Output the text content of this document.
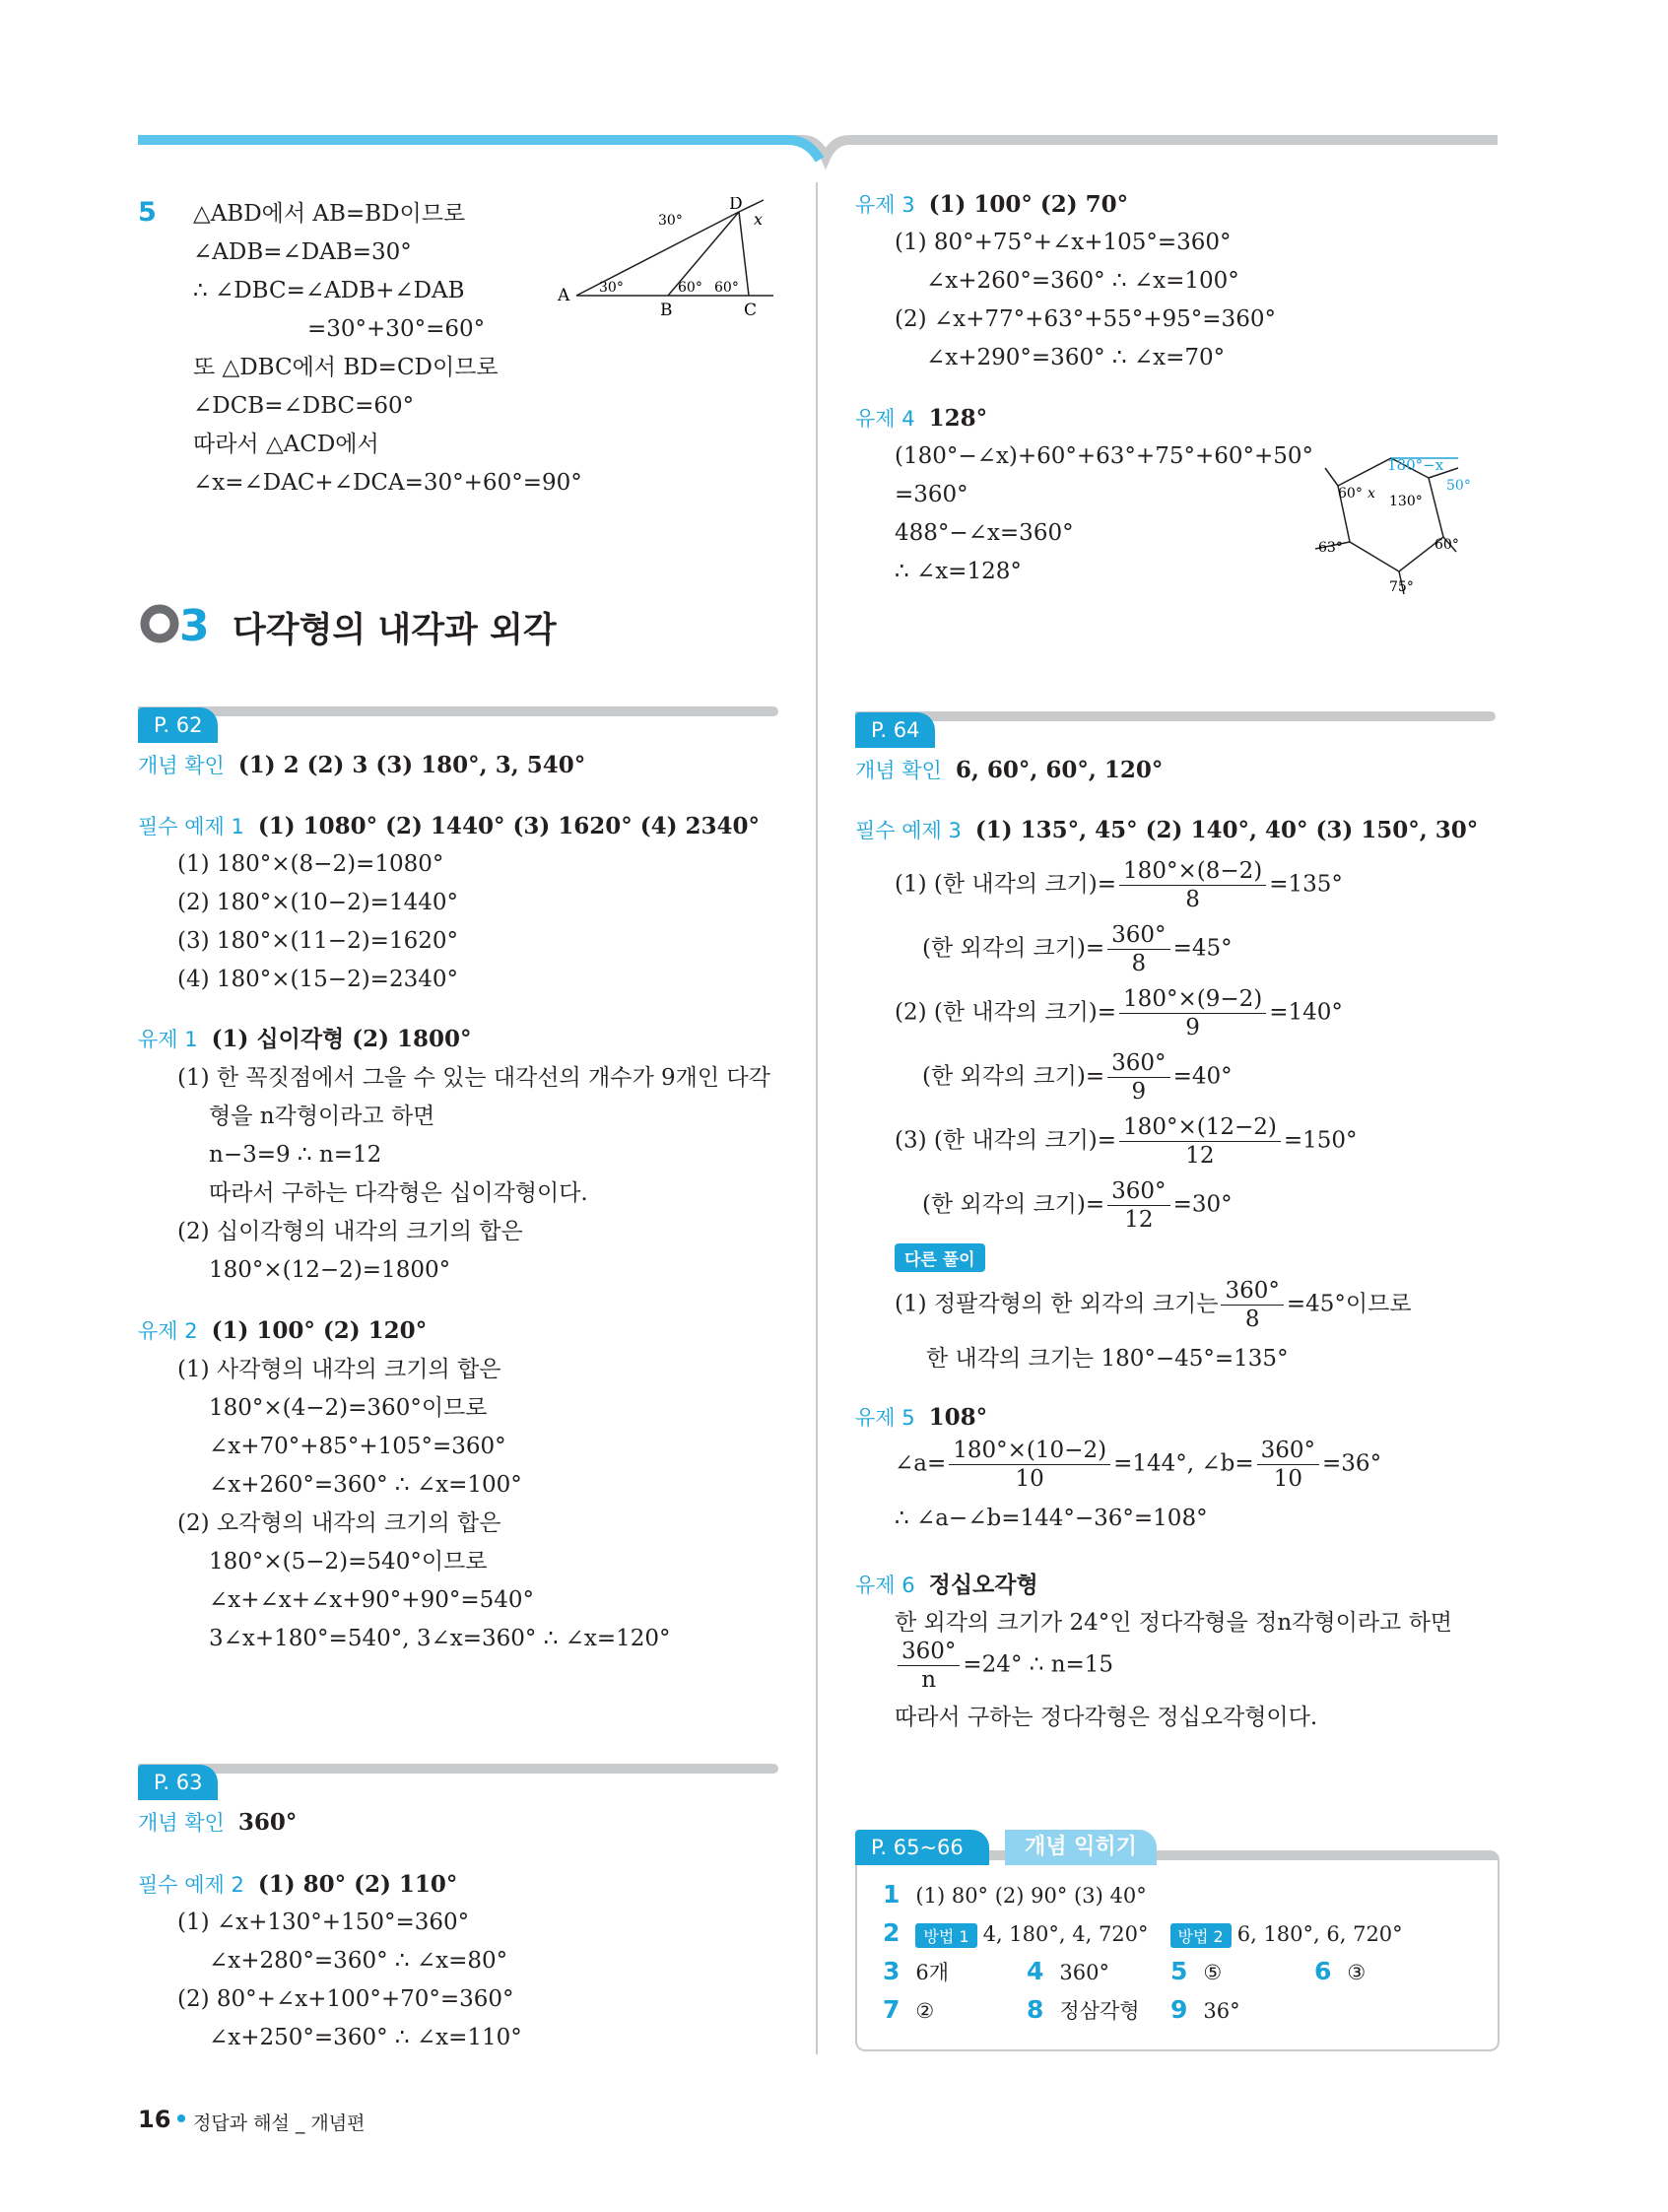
5 △ABD에서 AB=BD이므로
∠ADB=∠DAB=30°
∴ ∠DBC=∠ADB+∠DAB
=30°+30°=60°
또 △DBC에서 BD=CD이므로
∠DCB=∠DBC=60°
따라서 △ACD에서
∠x=∠DAC+∠DCA=30°+60°=90°
A
B	C
D
x
30°
30°	60° 60°
3 다각형의 내각과 외각
P. 62
개념 확인 (1) 2 (2) 3 (3) 180°, 3, 540°
필수 예제 1 (1) 1080° (2) 1440° (3) 1620° (4) 2340°
(1) 180°×(8−2)=1080°
(2) 180°×(10−2)=1440°
(3) 180°×(11−2)=1620°
(4) 180°×(15−2)=2340°
유제 1 (1) 십이각형 (2) 1800°
(1) 한 꼭짓점에서 그을 수 있는 대각선의 개수가 9개인 다각
형을 n각형이라고 하면
n−3=9 ∴ n=12
따라서 구하는 다각형은 십이각형이다.
(2) 십이각형의 내각의 크기의 합은
180°×(12−2)=1800°
유제 2 (1) 100° (2) 120°
(1) 사각형의 내각의 크기의 합은
180°×(4−2)=360°이므로
∠x+70°+85°+105°=360°
∠x+260°=360° ∴ ∠x=100°
(2) 오각형의 내각의 크기의 합은
180°×(5−2)=540°이므로
∠x+∠x+∠x+90°+90°=540°
3∠x+180°=540°, 3∠x=360° ∴ ∠x=120°
P. 63
개념 확인 360°
필수 예제 2 (1) 80° (2) 110°
(1) ∠x+130°+150°=360°
∠x+280°=360° ∴ ∠x=80°
(2) 80°+∠x+100°+70°=360°
∠x+250°=360° ∴ ∠x=110°
유제 3 (1) 100° (2) 70°
(1) 80°+75°+∠x+105°=360°
∠x+260°=360° ∴ ∠x=100°
(2) ∠x+77°+63°+55°+95°=360°
∠x+290°=360° ∴ ∠x=70°
유제 4 128°
(180°−∠x)+60°+63°+75°+60°+50°
=360°
488°−∠x=360°
∴ ∠x=128°
180°−x
50°
60° x 130°
63°	60°
75°
P. 64
개념 확인 6, 60°, 60°, 120°
필수 예제 3 (1) 135°, 45° (2) 140°, 40° (3) 150°, 30°
(1) (한 내각의 크기)= $\frac{180^\circ\times(8-2)}{8} =135^\circ$
(한 외각의 크기)= $\frac{360^\circ}{8} =45^\circ$
(2) (한 내각의 크기)= $\frac{180^\circ\times(9-2)}{9} =140^\circ$
(한 외각의 크기)= $\frac{360^\circ}{9} =40^\circ$
(3) (한 내각의 크기)= $\frac{180^\circ\times(12-2)}{12} =150^\circ$
(한 외각의 크기)= $\frac{360^\circ}{12} =30^\circ$
다른 풀이
(1) 정팔각형의 한 외각의 크기는 $\frac{360^\circ}{8} =45^\circ$이므로
한 내각의 크기는 180°−45°=135°
유제 5 108°
∠a= $\frac{180^\circ\times(10-2)}{10} =144^\circ$, ∠b= $\frac{360^\circ}{10} =36^\circ$
∴ ∠a−∠b=144°−36°=108°
유제 6 정십오각형
한 외각의 크기가 24°인 정다각형을 정n각형이라고 하면
$\frac{360^\circ}{n} =24^\circ$ ∴ n=15
따라서 구하는 정다각형은 정십오각형이다.
P. 65~66	개념 익히기
1 (1) 80° (2) 90° (3) 40°
2 방법 1 4, 180°, 4, 720° 방법 2 6, 180°, 6, 720°
3 6개	4 360° 5 ⑤	6 ③
7 ②	8 정삼각형 9 36°
16 정답과 해설 _ 개념편
